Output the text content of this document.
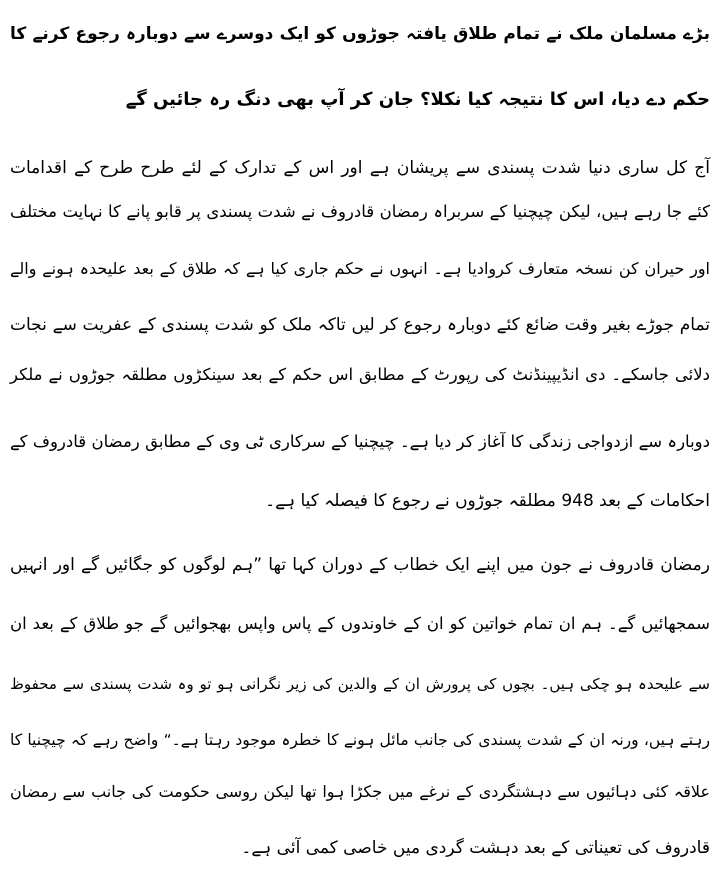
بڑے مسلمان ملک نے تمام طلاق یافتہ جوڑوں کو ایک دوسرے سے دوبارہ رجوع کرنے کا
حکم دے دیا، اس کا نتیجہ کیا نکلا؟ جان کر آپ بھی دنگ رہ جائیں گے
آج کل ساری دنیا شدت پسندی سے پریشان ہے اور اس کے تدارک کے لئے طرح طرح کے اقدامات
کئے جا رہے ہیں، لیکن چیچنیا کے سربراہ رمضان قادروف نے شدت پسندی پر قابو پانے کا نہایت مختلف
اور حیران کن نسخہ متعارف کروادیا ہے۔ انہوں نے حکم جاری کیا ہے کہ طلاق کے بعد علیحدہ ہونے والے
تمام جوڑے بغیر وقت ضائع کئے دوبارہ رجوع کر لیں تاکہ ملک کو شدت پسندی کے عفریت سے نجات
دلائی جاسکے۔ دی انڈیپینڈنٹ کی رپورٹ کے مطابق اس حکم کے بعد سینکڑوں مطلقہ جوڑوں نے ملکر
دوبارہ سے ازدواجی زندگی کا آغاز کر دیا ہے۔ چیچنیا کے سرکاری ٹی وی کے مطابق رمضان قادروف کے
احکامات کے بعد 948 مطلقہ جوڑوں نے رجوع کا فیصلہ کیا ہے۔
رمضان قادروف نے جون میں اپنے ایک خطاب کے دوران کہا تھا ”ہم لوگوں کو جگائیں گے اور انہیں
سمجھائیں گے۔ ہم ان تمام خواتین کو ان کے خاوندوں کے پاس واپس بھجوائیں گے جو طلاق کے بعد ان
سے علیحدہ ہو چکی ہیں۔ بچوں کی پرورش ان کے والدین کی زیر نگرانی ہو تو وہ شدت پسندی سے محفوظ
رہتے ہیں، ورنہ ان کے شدت پسندی کی جانب مائل ہونے کا خطرہ موجود رہتا ہے۔“ واضح رہے کہ چیچنیا کا
علاقہ کئی دہائیوں سے دہشتگردی کے نرغے میں جکڑا ہوا تھا لیکن روسی حکومت کی جانب سے رمضان
قادروف کی تعیناتی کے بعد دہشت گردی میں خاصی کمی آئی ہے۔
